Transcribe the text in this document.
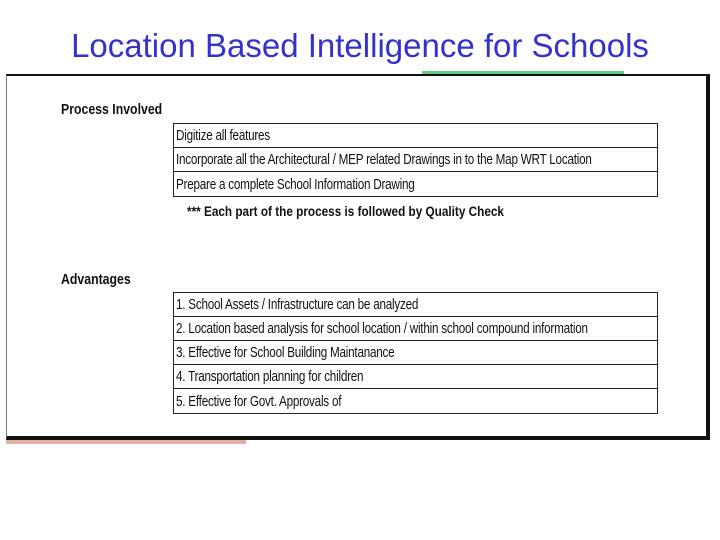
Location Based Intelligence for Schools
Process Involved
Digitize all features
Incorporate all the Architectural / MEP related Drawings in to the Map WRT Location
Prepare a complete School Information Drawing
*** Each part of the process is followed by Quality Check
Advantages
1. School Assets / Infrastructure can be analyzed
2. Location based analysis for school location / within school compound information
3. Effective for School Building Maintanance
4. Transportation planning for children
5. Effective for Govt. Approvals of
